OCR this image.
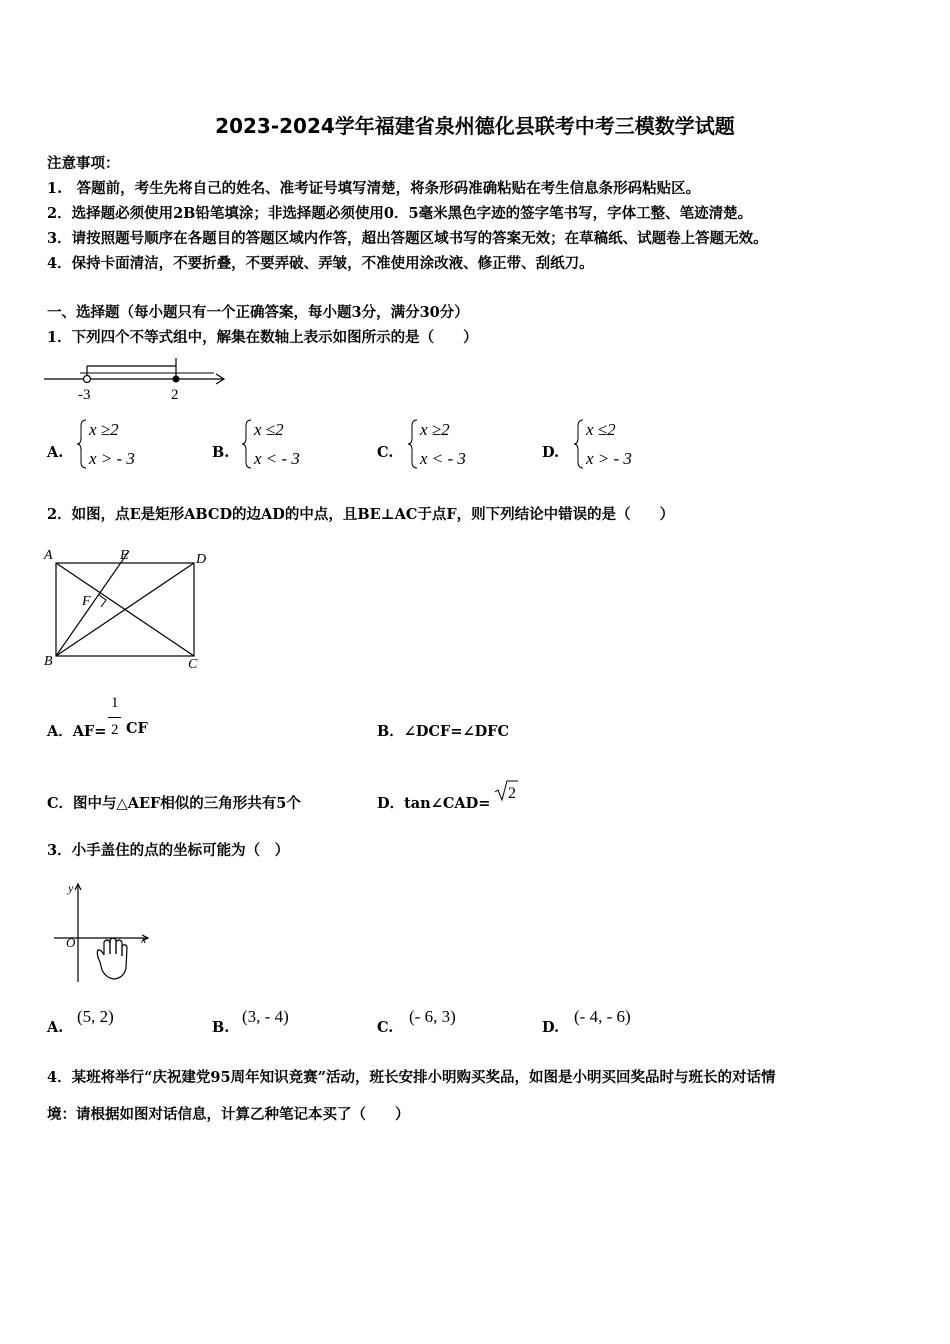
2023-2024学年福建省泉州德化县联考中考三模数学试题
注意事项：
1.　答题前，考生先将自己的姓名、准考证号填写清楚，将条形码准确粘贴在考生信息条形码粘贴区。
2．选择题必须使用2B铅笔填涂；非选择题必须使用0．5毫米黑色字迹的签字笔书写，字体工整、笔迹清楚。
3．请按照题号顺序在各题目的答题区域内作答，超出答题区域书写的答案无效；在草稿纸、试题卷上答题无效。
4．保持卡面清洁，不要折叠，不要弄破、弄皱，不准使用涂改液、修正带、刮纸刀。
一、选择题（每小题只有一个正确答案，每小题3分，满分30分）
1．下列四个不等式组中，解集在数轴上表示如图所示的是（　　）
-3	2
A.
x ≥2
x > - 3	B.
x ≤2
x < - 3	C.
x ≥2
x < - 3	D.
x ≤2
x > - 3
2．如图，点E是矩形ABCD的边AD的中点，且BE⊥AC于点F，则下列结论中错误的是（　　）
A	E	D
F
B	C
A．AF=
1
2 CF	B．∠DCF=∠DFC
C．图中与△AEF相似的三角形共有5个	D．tan∠CAD=
2
3．小手盖住的点的坐标可能为（　）
y
x
O
A.
(5, 2)
B.
(3, - 4)
C.
(- 6, 3)
D.
(- 4, - 6)
4．某班将举行“庆祝建党95周年知识竞赛”活动，班长安排小明购买奖品，如图是小明买回奖品时与班长的对话情
境：请根据如图对话信息，计算乙种笔记本买了（　　）
